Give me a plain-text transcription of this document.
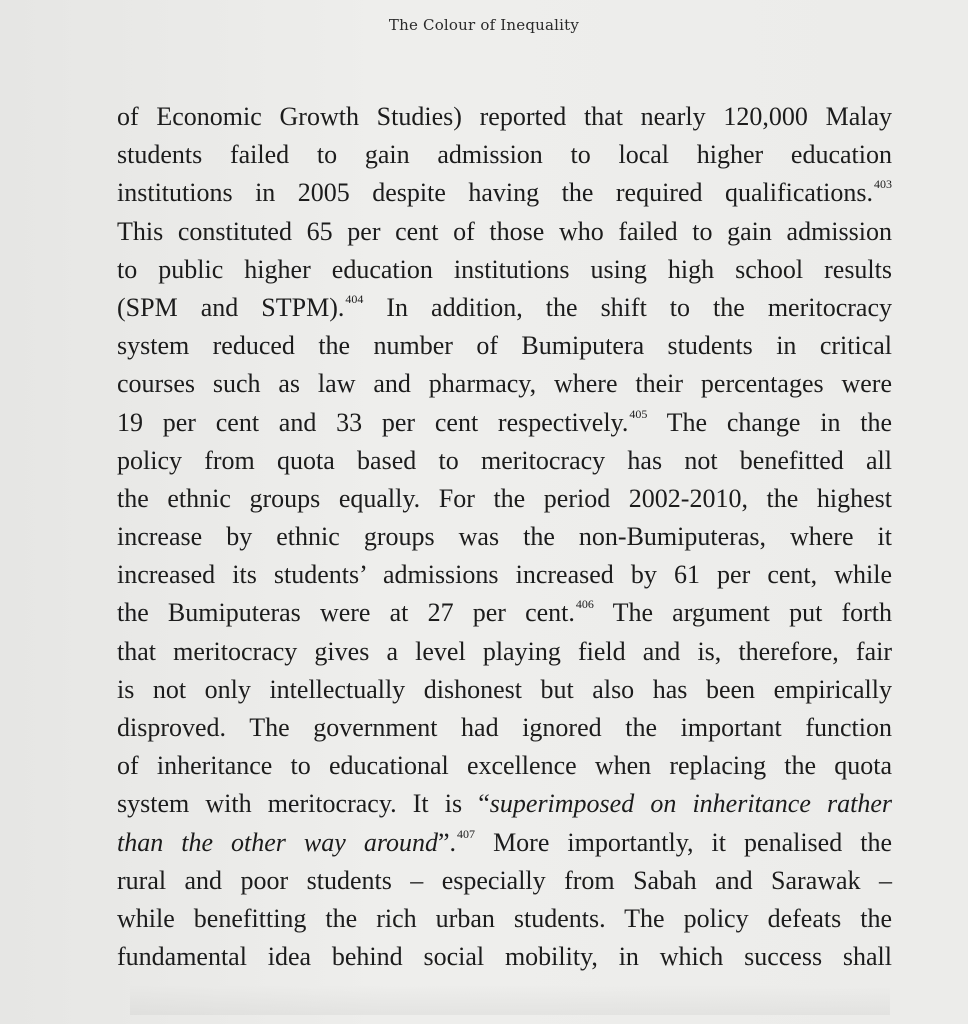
The Colour of Inequality

of Economic Growth Studies) reported that nearly 120,000 Malay
students failed to gain admission to local higher education
institutions in 2005 despite having the required qualifications.$^{403}$
This constituted 65 per cent of those who failed to gain admission
to public higher education institutions using high school results
(SPM and STPM).$^{404}$ In addition, the shift to the meritocracy
system reduced the number of Bumiputera students in critical
courses such as law and pharmacy, where their percentages were
19 per cent and 33 per cent respectively.$^{405}$ The change in the
policy from quota based to meritocracy has not benefitted all
the ethnic groups equally. For the period 2002-2010, the highest
increase by ethnic groups was the non-Bumiputeras, where it
increased its students’ admissions increased by 61 per cent, while
the Bumiputeras were at 27 per cent.$^{406}$ The argument put forth
that meritocracy gives a level playing field and is, therefore, fair
is not only intellectually dishonest but also has been empirically
disproved. The government had ignored the important function
of inheritance to educational excellence when replacing the quota
system with meritocracy. It is “superimposed on inheritance rather
than the other way around”.$^{407}$ More importantly, it penalised the
rural and poor students – especially from Sabah and Sarawak –
while benefitting the rich urban students. The policy defeats the
fundamental idea behind social mobility, in which success shall
